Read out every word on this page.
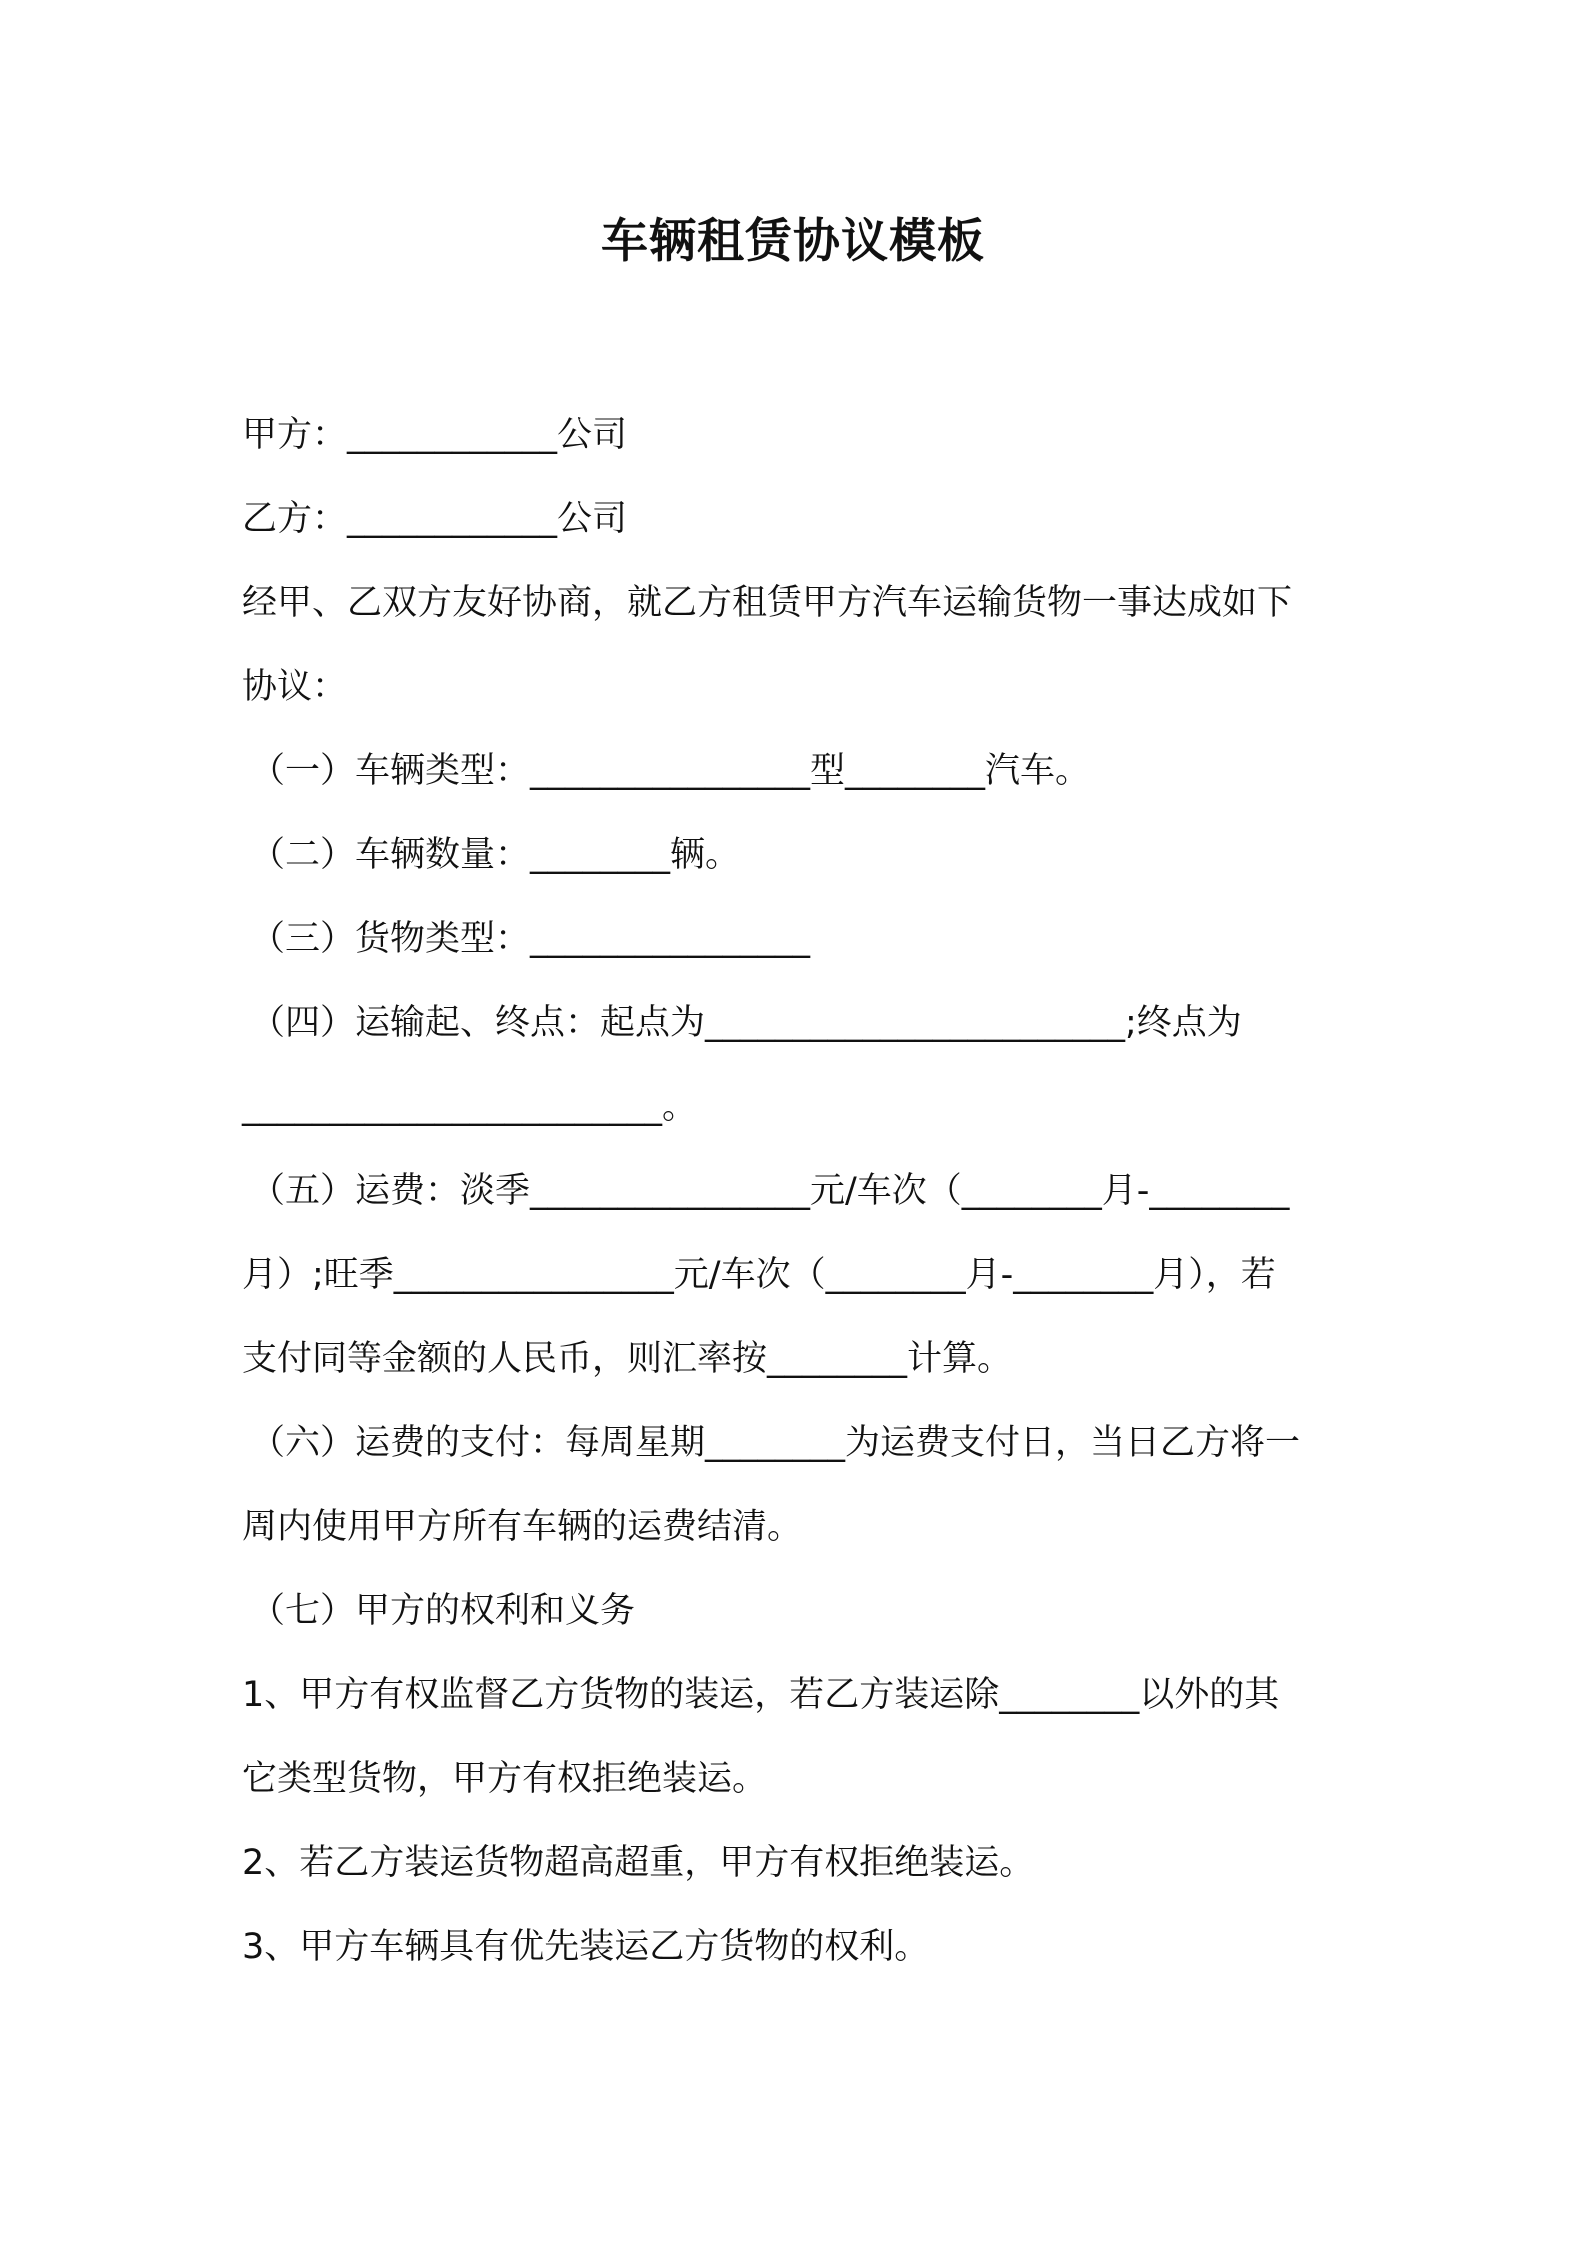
车辆租赁协议模板

甲方：____________公司

乙方：____________公司

经甲、乙双方友好协商，就乙方租赁甲方汽车运输货物一事达成如下

协议：

（一）车辆类型：________________型________汽车。

（二）车辆数量：________辆。

（三）货物类型：________________

（四）运输起、终点：起点为________________________;终点为

________________________。

（五）运费：淡季________________元/车次（________月-________

月）;旺季________________元/车次（________月-________月），若

支付同等金额的人民币，则汇率按________计算。

（六）运费的支付：每周星期________为运费支付日，当日乙方将一

周内使用甲方所有车辆的运费结清。

（七）甲方的权利和义务

1、甲方有权监督乙方货物的装运，若乙方装运除________以外的其

它类型货物，甲方有权拒绝装运。

2、若乙方装运货物超高超重，甲方有权拒绝装运。

3、甲方车辆具有优先装运乙方货物的权利。
